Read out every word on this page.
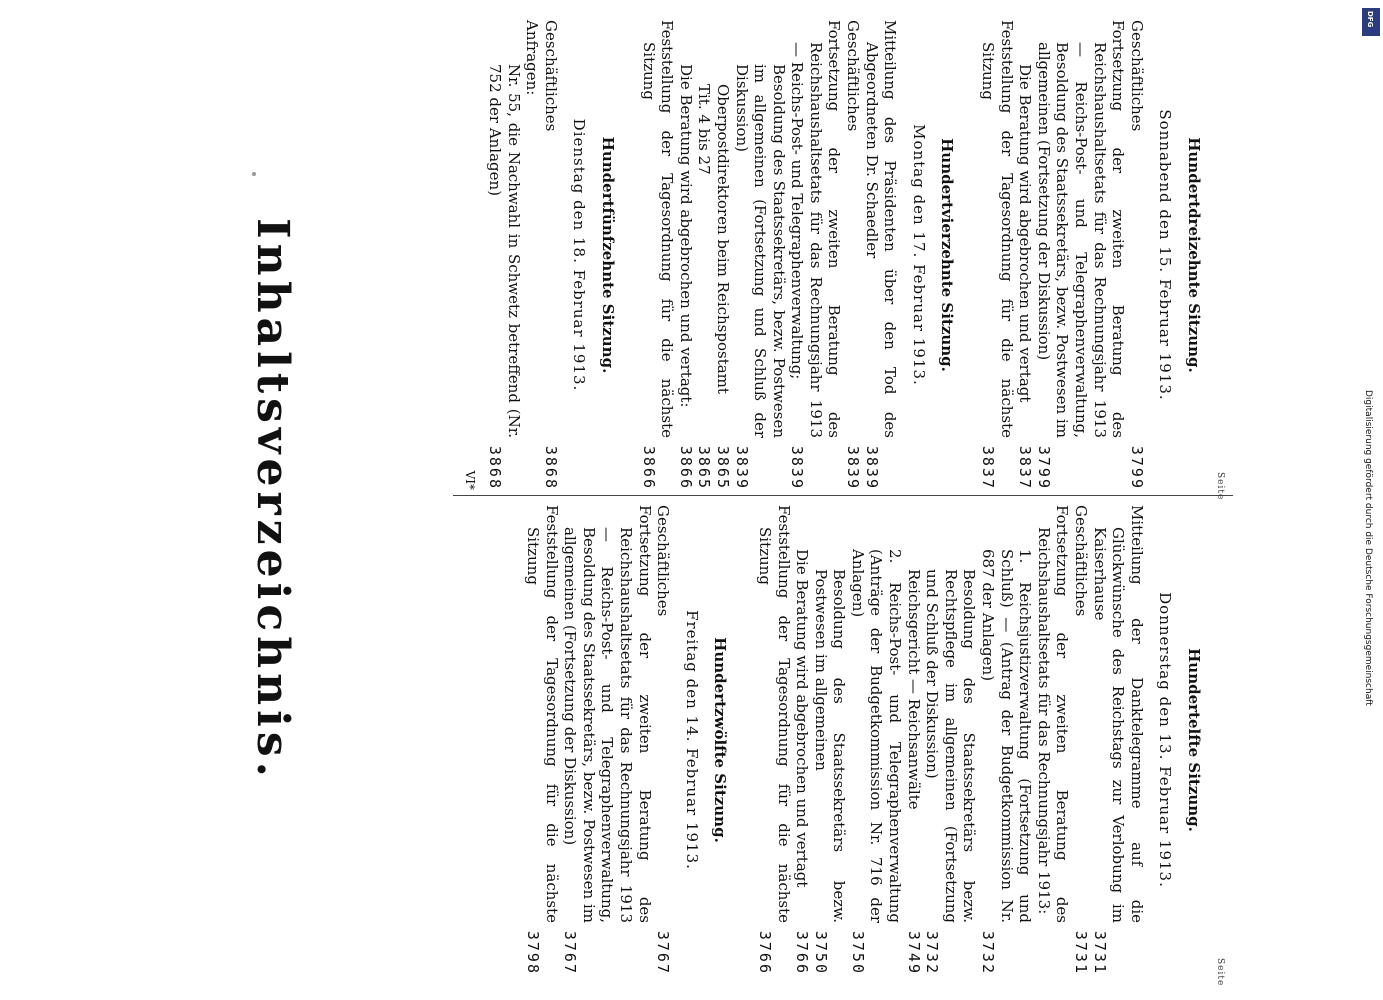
DFG
Digitalisierung gefördert durch die Deutsche Forschungsgemeinschaft
Hundertelfte Sitzung.
Donnerstag den 13. Februar 1913.
Mitteilung der Danktelegramme auf die Glückwünsche des Reichstags zur Verlobung im Kaiserhause
3731
Geschäftliches
3731
Fortsetzung der zweiten Beratung des Reichshaushaltsetats für das Rechnungsjahr 1913:
1. Reichsjustizverwaltung (Fortsetzung und Schluß) — (Antrag der Budgetkommission Nr. 687 der Anlagen)
3732
Besoldung des Staatssekretärs bezw. Rechtspflege im allgemeinen (Fortsetzung und Schluß der Diskussion)
3732
Reichsgericht — Reichsanwälte
3749
2. Reichs-Post- und Telegraphenverwaltung (Anträge der Budgetkommission Nr. 716 der Anlagen)
3750
Besoldung des Staatssekretärs bezw. Postwesen im allgemeinen
3750
Die Beratung wird abgebrochen und vertagt
3766
Feststellung der Tagesordnung für die nächste Sitzung
3766
Hundertzwölfte Sitzung.
Freitag den 14. Februar 1913.
Geschäftliches
3767
Fortsetzung der zweiten Beratung des Reichshaushaltsetats für das Rechnungsjahr 1913 — Reichs-Post- und Telegraphenverwaltung, Besoldung des Staatssekretärs, bezw. Postwesen im allgemeinen (Fortsetzung der Diskussion)
3767
Feststellung der Tagesordnung für die nächste Sitzung
3798
Hundertdreizehnte Sitzung.
Sonnabend den 15. Februar 1913.
Geschäftliches
3799
Fortsetzung der zweiten Beratung des Reichshaushaltsetats für das Rechnungsjahr 1913 — Reichs-Post- und Telegraphenverwaltung, Besoldung des Staatssekretärs, bezw. Postwesen im allgemeinen (Fortsetzung der Diskussion)
3799
Die Beratung wird abgebrochen und vertagt
3837
Feststellung der Tagesordnung für die nächste Sitzung
3837
Hundertvierzehnte Sitzung.
Montag den 17. Februar 1913.
Mitteilung des Präsidenten über den Tod des Abgeordneten Dr. Schaedler
3839
Geschäftliches
3839
Fortsetzung der zweiten Beratung des Reichshaushaltsetats für das Rechnungsjahr 1913 — Reichs-Post- und Telegraphenverwaltung;
3839
Besoldung des Staatssekretärs, bezw. Postwesen im allgemeinen (Fortsetzung und Schluß der Diskussion)
3839
Oberpostdirektoren beim Reichspostamt
3865
Tit. 4 bis 27
3865
Die Beratung wird abgebrochen und vertagt:
3866
Feststellung der Tagesordnung für die nächste Sitzung
3866
Hundertfünfzehnte Sitzung.
Dienstag den 18. Februar 1913.
Geschäftliches
3868
Anfragen:
Nr. 55, die Nachwahl in Schwetz betreffend (Nr. 752 der Anlagen)
3868
VI*
Inhaltsverzeichnis.
Seite
Seite
